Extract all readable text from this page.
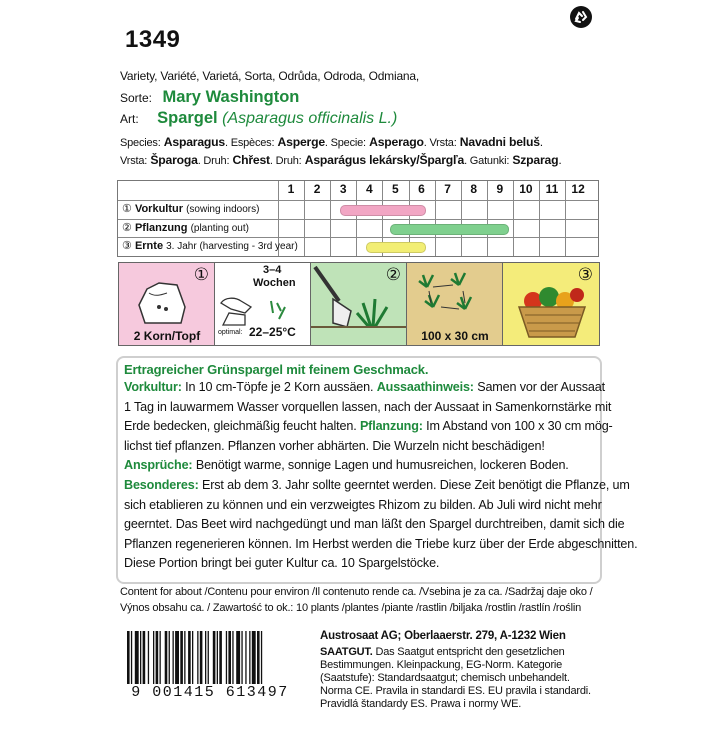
1349
Variety, Variété, Varietá, Sorta, Odrůda, Odroda, Odmiana,
Sorte: Mary Washington
Art: Spargel (Asparagus officinalis L.)
Species: Asparagus. Espèces: Asperge. Specie: Asperago. Vrsta: Navadni beluš.
Vrsta: Šparoga. Druh: Chřest. Druh: Asparágus lekársky/Špargľa. Gatunki: Szparag.
1	2	3	4	5	6	7	8	9	10	11	12
① Vorkultur (sowing indoors)
② Pflanzung (planting out)
③ Ernte 3. Jahr (harvesting - 3rd year)
①
2 Korn/Topf
3–4
Wochen
optimal: 22–25°C
②
100 x 30 cm
③
Ertragreicher Grünspargel mit feinem Geschmack.
Vorkultur: In 10 cm-Töpfe je 2 Korn aussäen. Aussaathinweis: Samen vor der Aussaat
1 Tag in lauwarmem Wasser vorquellen lassen, nach der Aussaat in Samenkornstärke mit
Erde bedecken, gleichmäßig feucht halten. Pflanzung: Im Abstand von 100 x 30 cm mög-
lichst tief pflanzen. Pflanzen vorher abhärten. Die Wurzeln nicht beschädigen!
Ansprüche: Benötigt warme, sonnige Lagen und humusreichen, lockeren Boden.
Besonderes: Erst ab dem 3. Jahr sollte geerntet werden. Diese Zeit benötigt die Pflanze, um
sich etablieren zu können und ein verzweigtes Rhizom zu bilden. Ab Juli wird nicht mehr
geerntet. Das Beet wird nachgedüngt und man läßt den Spargel durchtreiben, damit sich die
Pflanzen regenerieren können. Im Herbst werden die Triebe kurz über der Erde abgeschnitten.
Diese Portion bringt bei guter Kultur ca. 10 Spargelstöcke.
Content for about /Contenu pour environ /Il contenuto rende ca. /Vsebina je za ca. /Sadržaj daje oko /
Výnos obsahu ca. / Zawartość to ok.: 10 plants /plantes /piante /rastlin /biljaka /rostlin /rastlín /roślin
9 001415 613497
Austrosaat AG; Oberlaaerstr. 279, A-1232 Wien
SAATGUT. Das Saatgut entspricht den gesetzlichen
Bestimmungen. Kleinpackung, EG-Norm. Kategorie
(Saatstufe): Standardsaatgut; chemisch unbehandelt.
Norma CE. Pravila in standardi ES. EU pravila i standardi.
Pravidlá štandardy ES. Prawa i normy WE.
